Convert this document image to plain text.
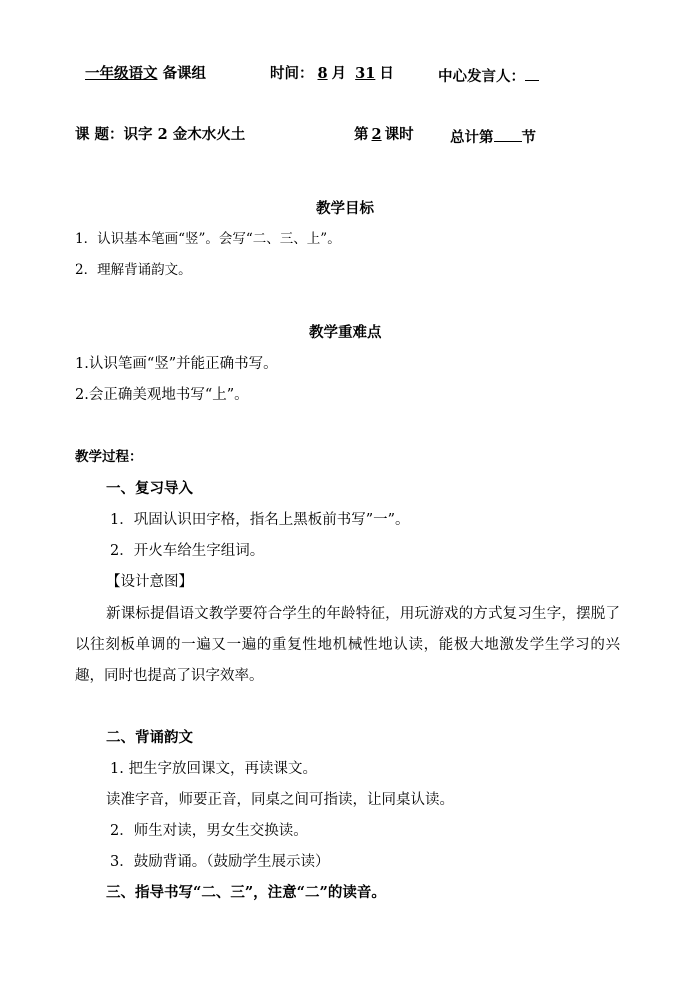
一年级语文 备课组	时间： 8 月 31 日	中心发言人：
课 题：识字 2 金木水火土	第 2 课时	总计第 节
教学目标
1．认识基本笔画“竖”。会写“二、三、上”。
2．理解背诵韵文。
教学重难点
1.认识笔画“竖”并能正确书写。
2.会正确美观地书写“上”。
教学过程：
一、复习导入
1．巩固认识田字格，指名上黑板前书写”一”。
2．开火车给生字组词。
【设计意图】
新课标提倡语文教学要符合学生的年龄特征，用玩游戏的方式复习生字，摆脱了以往刻板单调的一遍又一遍的重复性地机械性地认读，能极大地激发学生学习的兴趣，同时也提高了识字效率。
二、背诵韵文
1. 把生字放回课文，再读课文。
读准字音，师要正音，同桌之间可指读，让同桌认读。
2．师生对读，男女生交换读。
3．鼓励背诵。（鼓励学生展示读）
三、指导书写“二、三”，注意“二”的读音。
